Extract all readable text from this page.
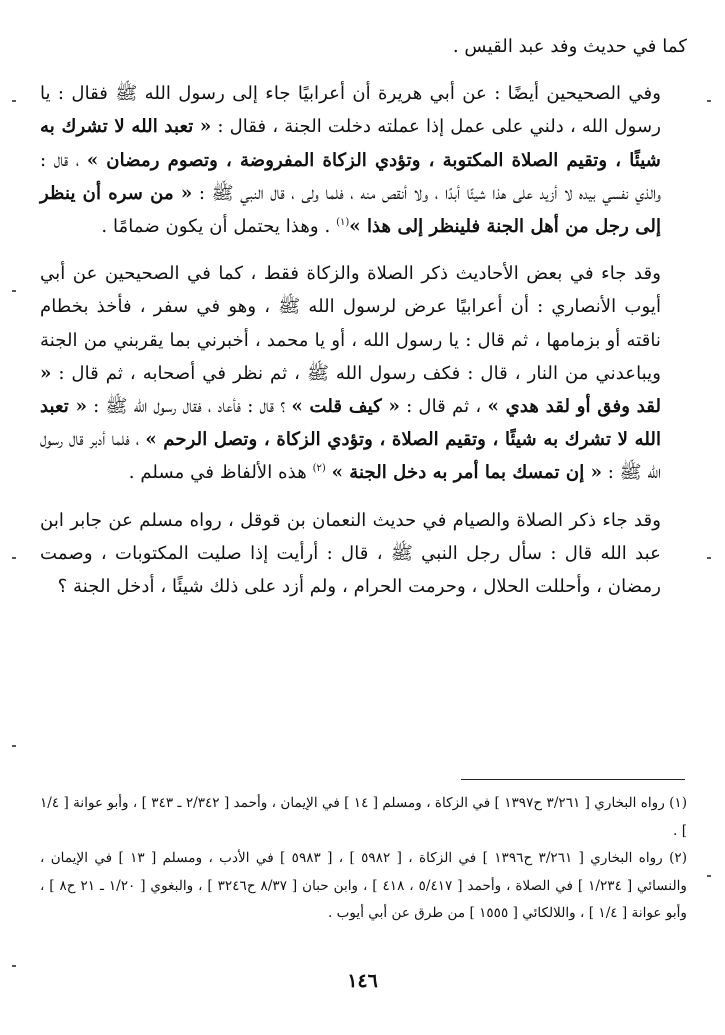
كما في حديث وفد عبد القيس .

وفي الصحيحين أيضًا : عن أبي هريرة أن أعرابيًا جاء إلى رسول الله ﷺ فقال : يا رسول الله ، دلني على عمل إذا عملته دخلت الجنة ، فقال : « تعبد الله لا تشرك به شيئًا ، وتقيم الصلاة المكتوبة ، وتؤدي الزكاة المفروضة ، وتصوم رمضان » ، قال : والذي نفسي بيده لا أزيد على هذا شيئًا أبدًا ، ولا أنقص منه ، فلما ولى ، قال النبي ﷺ : « من سره أن ينظر إلى رجل من أهل الجنة فلينظر إلى هذا »$^{(١)}$ . وهذا يحتمل أن يكون ضمامًا .

وقد جاء في بعض الأحاديث ذكر الصلاة والزكاة فقط ، كما في الصحيحين عن أبي أيوب الأنصاري : أن أعرابيًا عرض لرسول الله ﷺ ، وهو في سفر ، فأخذ بخطام ناقته أو بزمامها ، ثم قال : يا رسول الله ، أو يا محمد ، أخبرني بما يقربني من الجنة ويباعدني من النار ، قال : فكف رسول الله ﷺ ، ثم نظر في أصحابه ، ثم قال : « لقد وفق أو لقد هدي » ، ثم قال : « كيف قلت » ؟ قال : فأعاد ، فقال رسول الله ﷺ : « تعبد الله لا تشرك به شيئًا ، وتقيم الصلاة ، وتؤدي الزكاة ، وتصل الرحم » ، فلما أدبر قال رسول الله ﷺ : « إن تمسك بما أمر به دخل الجنة » $^{(٢)}$ هذه الألفاظ في مسلم .

وقد جاء ذكر الصلاة والصيام في حديث النعمان بن قوقل ، رواه مسلم عن جابر ابن عبد الله قال : سأل رجل النبي ﷺ ، قال : أرأيت إذا صليت المكتوبات ، وصمت رمضان ، وأحللت الحلال ، وحرمت الحرام ، ولم أزد على ذلك شيئًا ، أدخل الجنة ؟

(١) رواه البخاري [ ٣/٢٦١ ح١٣٩٧ ] في الزكاة ، ومسلم [ ١٤ ] في الإيمان ، وأحمد [ ٢/٣٤٢ ـ ٣٤٣ ] ، وأبو عوانة [ ١/٤ ] .

(٢) رواه البخاري [ ٣/٢٦١ ح١٣٩٦ ] في الزكاة ، [ ٥٩٨٢ ] ، [ ٥٩٨٣ ] في الأدب ، ومسلم [ ١٣ ] في الإيمان ، والنسائي [ ١/٢٣٤ ] في الصلاة ، وأحمد [ ٥/٤١٧ ، ٤١٨ ] ، وابن حبان [ ٨/٣٧ ح٣٢٤٦ ] ، والبغوي [ ١/٢٠ ـ ٢١ ح٨ ] ، وأبو عوانة [ ١/٤ ] ، واللالكائي [ ١٥٥٥ ] من طرق عن أبي أيوب .

١٤٦
